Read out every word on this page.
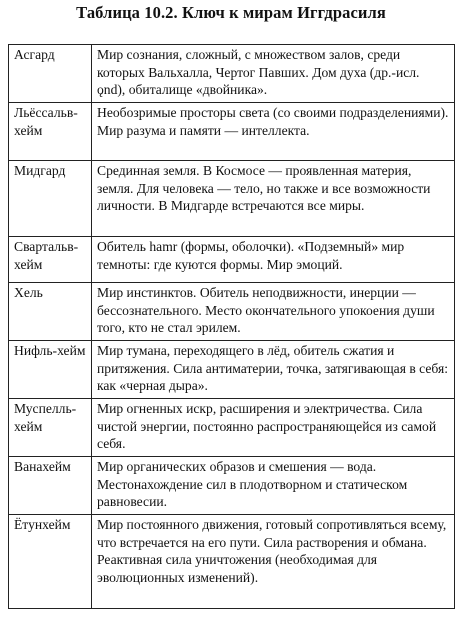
Таблица 10.2. Ключ к мирам Иггдрасиля
Асгард	Мир сознания, сложный, с множеством залов, среди которых Вальхалла, Чертог Павших. Дом духа (др.-исл. ǫnd), обиталище «двойника».
Льёссальв-хейм	Необозримые просторы света (со своими подразделениями). Мир разума и памяти — интеллекта.
Мидгард	Срединная земля. В Космосе — проявленная материя, земля. Для человека — тело, но также и все возможности личности. В Мидгарде встречаются все миры.
Свартальв-хейм	Обитель hamr (формы, оболочки). «Подземный» мир темноты: где куются формы. Мир эмоций.
Хель	Мир инстинктов. Обитель неподвижности, инерции — бессознательного. Место окончательного упокоения души того, кто не стал эрилем.
Нифль-хейм	Мир тумана, переходящего в лёд, обитель сжатия и притяжения. Сила антиматерии, точка, затягивающая в себя: как «черная дыра».
Муспелль-хейм	Мир огненных искр, расширения и электричества. Сила чистой энергии, постоянно распространяющейся из самой себя.
Ванахейм	Мир органических образов и смешения — вода. Местонахождение сил в плодотворном и статическом равновесии.
Ётунхейм	Мир постоянного движения, готовый сопротивляться всему, что встречается на его пути. Сила растворения и обмана. Реактивная сила уничтожения (необходимая для эволюционных изменений).
